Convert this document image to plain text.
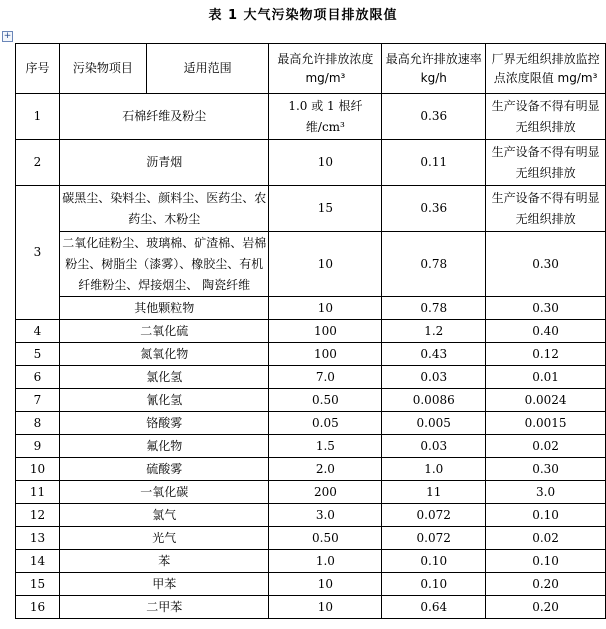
表 1 大气污染物项目排放限值
+
序号	污染物项目	适用范围	最高允许排放浓度 mg/m³	最高允许排放速率 kg/h	厂界无组织排放监控点浓度限值 mg/m³
1	石棉纤维及粉尘		1.0 或 1 根纤维/cm³	0.36	生产设备不得有明显无组织排放
2	沥青烟		10	0.11	生产设备不得有明显无组织排放
3	碳黑尘、染料尘、颜料尘、医药尘、农药尘、木粉尘		15	0.36	生产设备不得有明显无组织排放
	二氧化硅粉尘、玻璃棉、矿渣棉、岩棉粉尘、树脂尘（漆雾）、橡胶尘、有机纤维粉尘、焊接烟尘、 陶瓷纤维		10	0.78	0.30
	其他颗粒物		10	0.78	0.30
4	二氧化硫		100	1.2	0.40
5	氮氧化物		100	0.43	0.12
6	氯化氢		7.0	0.03	0.01
7	氰化氢		0.50	0.0086	0.0024
8	铬酸雾		0.05	0.005	0.0015
9	氟化物		1.5	0.03	0.02
10	硫酸雾		2.0	1.0	0.30
11	一氧化碳		200	11	3.0
12	氯气		3.0	0.072	0.10
13	光气		0.50	0.072	0.02
14	苯		1.0	0.10	0.10
15	甲苯		10	0.10	0.20
16	二甲苯		10	0.64	0.20
